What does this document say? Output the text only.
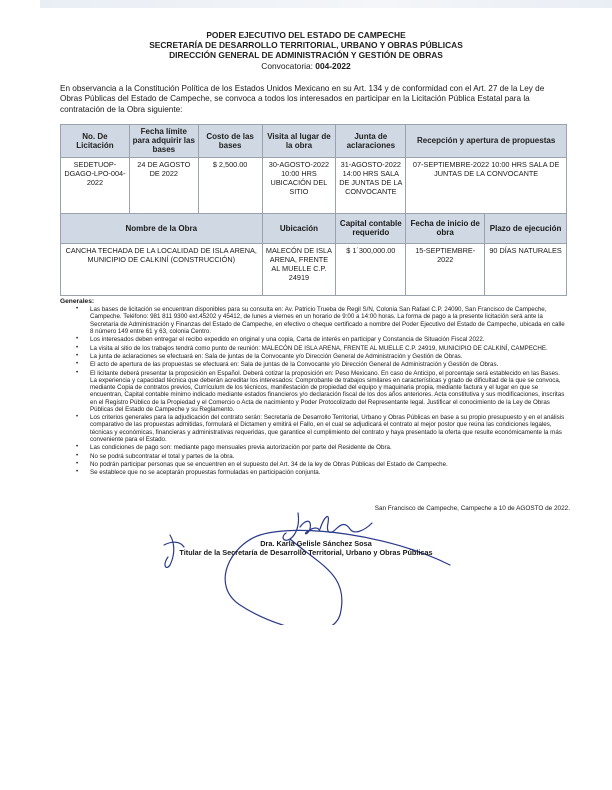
PODER EJECUTIVO DEL ESTADO DE CAMPECHE
SECRETARÍA DE DESARROLLO TERRITORIAL, URBANO Y OBRAS PÚBLICAS
DIRECCIÓN GENERAL DE ADMINISTRACIÓN Y GESTIÓN DE OBRAS
Convocatoria: 004-2022
En observancia a la Constitución Política de los Estados Unidos Mexicano en su Art. 134 y de conformidad con el Art. 27 de la Ley de Obras Públicas del Estado de Campeche, se convoca a todos los interesados en participar en la Licitación Pública Estatal para la contratación de la Obra siguiente:
No. De Licitación	Fecha límite para adquirir las bases	Costo de las bases	Visita al lugar de la obra	Junta de aclaraciones	Recepción y apertura de propuestas	
SEDETUOP-DGAGO-LPO-004-2022	24 DE AGOSTO DE 2022	$ 2,500.00	30-AGOSTO-2022 10:00 HRS UBICACIÓN DEL SITIO	31-AGOSTO-2022 14:00 HRS SALA DE JUNTAS DE LA CONVOCANTE	07-SEPTIEMBRE-2022 10:00 HRS SALA DE JUNTAS DE LA CONVOCANTE	
Nombre de la Obra			Ubicación	Capital contable requerido	Fecha de inicio de obra	Plazo de ejecución
CANCHA TECHADA DE LA LOCALIDAD DE ISLA ARENA, MUNICIPIO DE CALKINÍ (CONSTRUCCIÓN)			MALECÓN DE ISLA ARENA, FRENTE AL MUELLE C.P. 24919	$ 1´300,000.00	15-SEPTIEMBRE-2022	90 DÍAS NATURALES
Generales:
• Las bases de licitación se encuentran disponibles para su consulta en: Av. Patricio Trueba de Regil S/N, Colonia San Rafael C.P. 24090, San Francisco de Campeche, Campeche. Teléfono: 981 811 9300 ext.45202 y 45412, de lunes a viernes en un horario de 9:00 a 14:00 horas. La forma de pago a la presente licitación será ante la Secretaría de Administración y Finanzas del Estado de Campeche, en efectivo o cheque certificado a nombre del Poder Ejecutivo del Estado de Campeche, ubicada en calle 8 número 149 entre 61 y 63, colonia Centro.
• Los interesados deben entregar el recibo expedido en original y una copia, Carta de interés en participar y Constancia de Situación Fiscal 2022.
• La visita al sitio de los trabajos tendrá como punto de reunión: MALECÓN DE ISLA ARENA, FRENTE AL MUELLE C.P. 24919, MUNICIPIO DE CALKINÍ, CAMPECHE.
• La junta de aclaraciones se efectuará en: Sala de juntas de la Convocante y/o Dirección General de Administración y Gestión de Obras.
• El acto de apertura de las propuestas se efectuará en: Sala de juntas de la Convocante y/o Dirección General de Administración y Gestión de Obras.
• El licitante deberá presentar la proposición en Español. Deberá cotizar la proposición en: Peso Mexicano. En caso de Anticipo, el porcentaje será establecido en las Bases. La experiencia y capacidad técnica que deberán acreditar los interesados: Comprobante de trabajos similares en características y grado de dificultad de la que se convoca, mediante Copia de contratos previos, Currículum de los técnicos, manifestación de propiedad del equipo y maquinaria propia, mediante factura y el lugar en que se encuentran, Capital contable mínimo indicado mediante estados financieros y/o declaración fiscal de los dos años anteriores. Acta constitutiva y sus modificaciones, inscritas en el Registro Público de la Propiedad y el Comercio o Acta de nacimiento y Poder Protocolizado del Representante legal. Justificar el conocimiento de la Ley de Obras Públicas del Estado de Campeche y su Reglamento.
• Los criterios generales para la adjudicación del contrato serán: Secretaría de Desarrollo Territorial, Urbano y Obras Públicas en base a su propio presupuesto y en el análisis comparativo de las propuestas admitidas, formulará el Dictamen y emitirá el Fallo, en el cual se adjudicará el contrato al mejor postor que reúna las condiciones legales, técnicas y económicas, financieras y administrativas requeridas, que garantice el cumplimiento del contrato y haya presentado la oferta que resulte económicamente la más conveniente para el Estado.
• Las condiciones de pago son: mediante pago mensuales previa autorización por parte del Residente de Obra.
• No se podrá subcontratar el total y partes de la obra.
• No podrán participar personas que se encuentren en el supuesto del Art. 34 de la ley de Obras Públicas del Estado de Campeche.
• Se establece que no se aceptarán propuestas formuladas en participación conjunta.
San Francisco de Campeche, Campeche a 10 de AGOSTO de 2022.
Dra. Karla Gelisle Sánchez Sosa
Titular de la Secretaría de Desarrollo Territorial, Urbano y Obras Públicas
